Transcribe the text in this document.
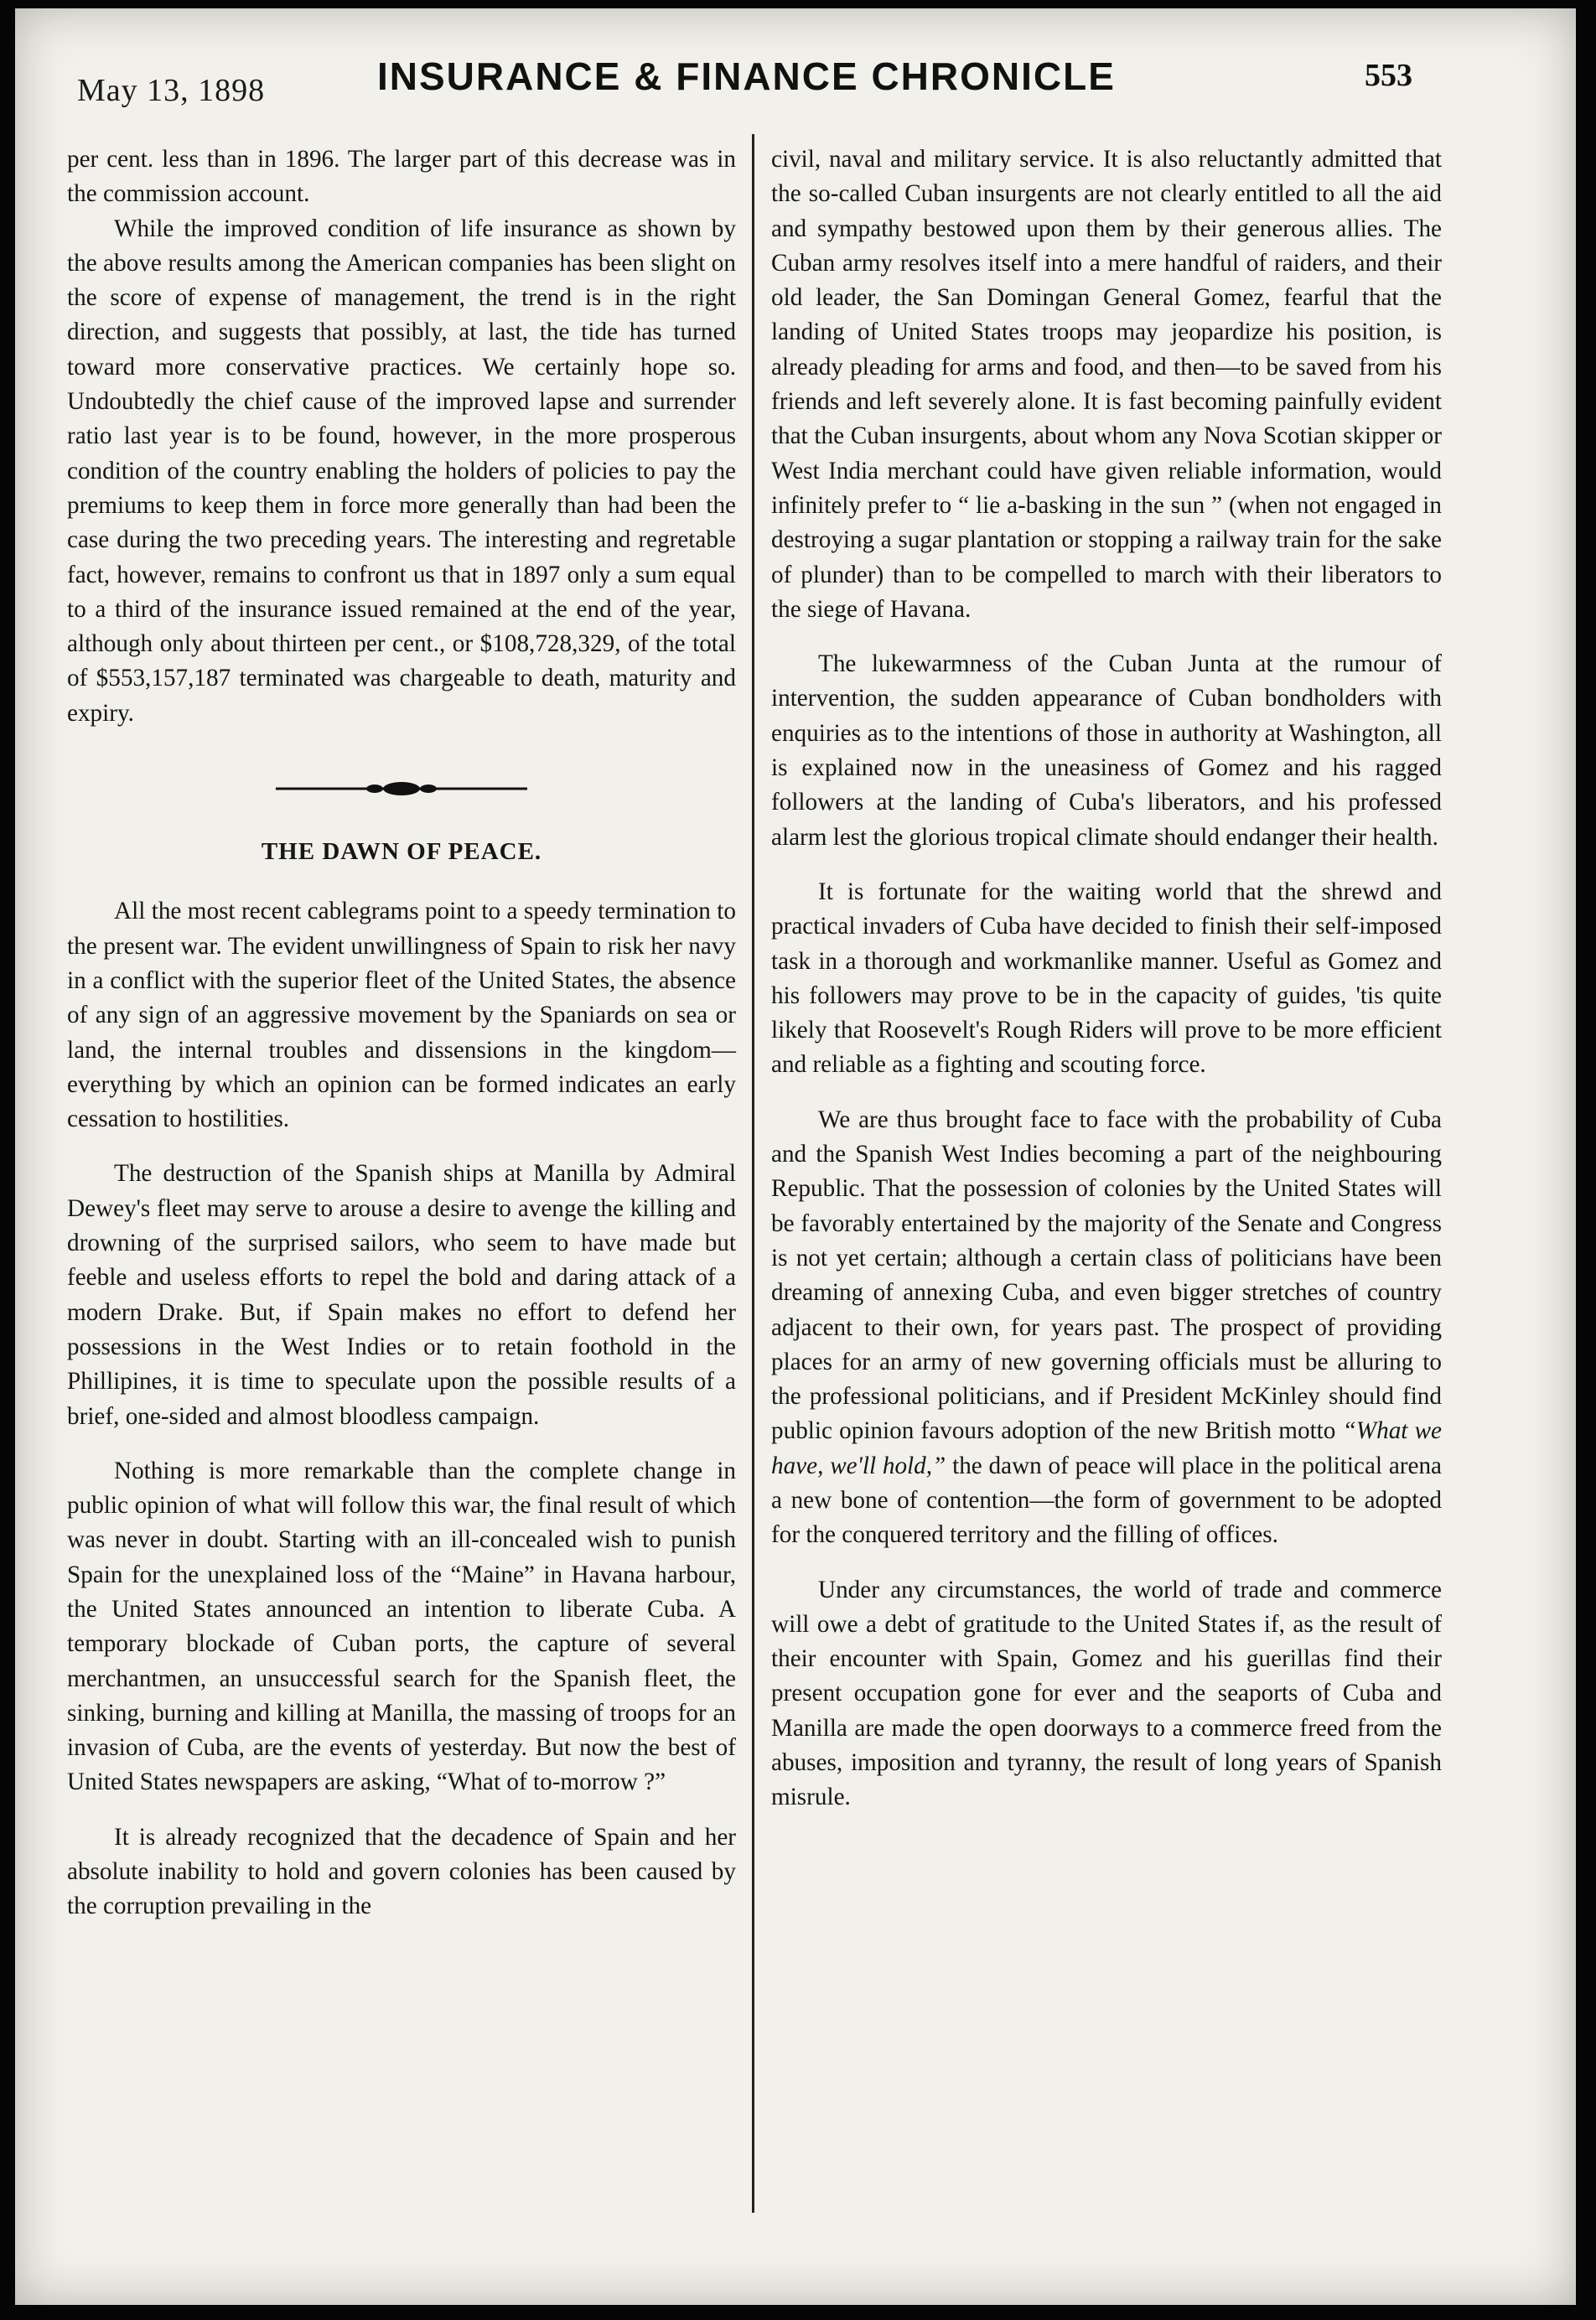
May 13, 1898	INSURANCE & FINANCE CHRONICLE	553

per cent. less than in 1896. The larger part of this decrease was in the commission account.

While the improved condition of life insurance as shown by the above results among the American companies has been slight on the score of expense of management, the trend is in the right direction, and suggests that possibly, at last, the tide has turned toward more conservative practices. We certainly hope so. Undoubtedly the chief cause of the improved lapse and surrender ratio last year is to be found, however, in the more prosperous condition of the country enabling the holders of policies to pay the premiums to keep them in force more generally than had been the case during the two preceding years. The interesting and regretable fact, however, remains to confront us that in 1897 only a sum equal to a third of the insurance issued remained at the end of the year, although only about thirteen per cent., or $108,728,329, of the total of $553,157,187 terminated was chargeable to death, maturity and expiry.

THE DAWN OF PEACE.

All the most recent cablegrams point to a speedy termination to the present war. The evident unwillingness of Spain to risk her navy in a conflict with the superior fleet of the United States, the absence of any sign of an aggressive movement by the Spaniards on sea or land, the internal troubles and dissensions in the kingdom—everything by which an opinion can be formed indicates an early cessation to hostilities.

The destruction of the Spanish ships at Manilla by Admiral Dewey's fleet may serve to arouse a desire to avenge the killing and drowning of the surprised sailors, who seem to have made but feeble and useless efforts to repel the bold and daring attack of a modern Drake. But, if Spain makes no effort to defend her possessions in the West Indies or to retain foothold in the Phillipines, it is time to speculate upon the possible results of a brief, one-sided and almost bloodless campaign.

Nothing is more remarkable than the complete change in public opinion of what will follow this war, the final result of which was never in doubt. Starting with an ill-concealed wish to punish Spain for the unexplained loss of the “Maine” in Havana harbour, the United States announced an intention to liberate Cuba. A temporary blockade of Cuban ports, the capture of several merchantmen, an unsuccessful search for the Spanish fleet, the sinking, burning and killing at Manilla, the massing of troops for an invasion of Cuba, are the events of yesterday. But now the best of United States newspapers are asking, “What of to-morrow ?”

It is already recognized that the decadence of Spain and her absolute inability to hold and govern colonies has been caused by the corruption prevailing in the

civil, naval and military service. It is also reluctantly admitted that the so-called Cuban insurgents are not clearly entitled to all the aid and sympathy bestowed upon them by their generous allies. The Cuban army resolves itself into a mere handful of raiders, and their old leader, the San Domingan General Gomez, fearful that the landing of United States troops may jeopardize his position, is already pleading for arms and food, and then—to be saved from his friends and left severely alone. It is fast becoming painfully evident that the Cuban insurgents, about whom any Nova Scotian skipper or West India merchant could have given reliable information, would infinitely prefer to “ lie a-basking in the sun ” (when not engaged in destroying a sugar plantation or stopping a railway train for the sake of plunder) than to be compelled to march with their liberators to the siege of Havana.

The lukewarmness of the Cuban Junta at the rumour of intervention, the sudden appearance of Cuban bondholders with enquiries as to the intentions of those in authority at Washington, all is explained now in the uneasiness of Gomez and his ragged followers at the landing of Cuba's liberators, and his professed alarm lest the glorious tropical climate should endanger their health.

It is fortunate for the waiting world that the shrewd and practical invaders of Cuba have decided to finish their self-imposed task in a thorough and workmanlike manner. Useful as Gomez and his followers may prove to be in the capacity of guides, 'tis quite likely that Roosevelt's Rough Riders will prove to be more efficient and reliable as a fighting and scouting force.

We are thus brought face to face with the probability of Cuba and the Spanish West Indies becoming a part of the neighbouring Republic. That the possession of colonies by the United States will be favorably entertained by the majority of the Senate and Congress is not yet certain; although a certain class of politicians have been dreaming of annexing Cuba, and even bigger stretches of country adjacent to their own, for years past. The prospect of providing places for an army of new governing officials must be alluring to the professional politicians, and if President McKinley should find public opinion favours adoption of the new British motto “What we have, we'll hold,” the dawn of peace will place in the political arena a new bone of contention—the form of government to be adopted for the conquered territory and the filling of offices.

Under any circumstances, the world of trade and commerce will owe a debt of gratitude to the United States if, as the result of their encounter with Spain, Gomez and his guerillas find their present occupation gone for ever and the seaports of Cuba and Manilla are made the open doorways to a commerce freed from the abuses, imposition and tyranny, the result of long years of Spanish misrule.
